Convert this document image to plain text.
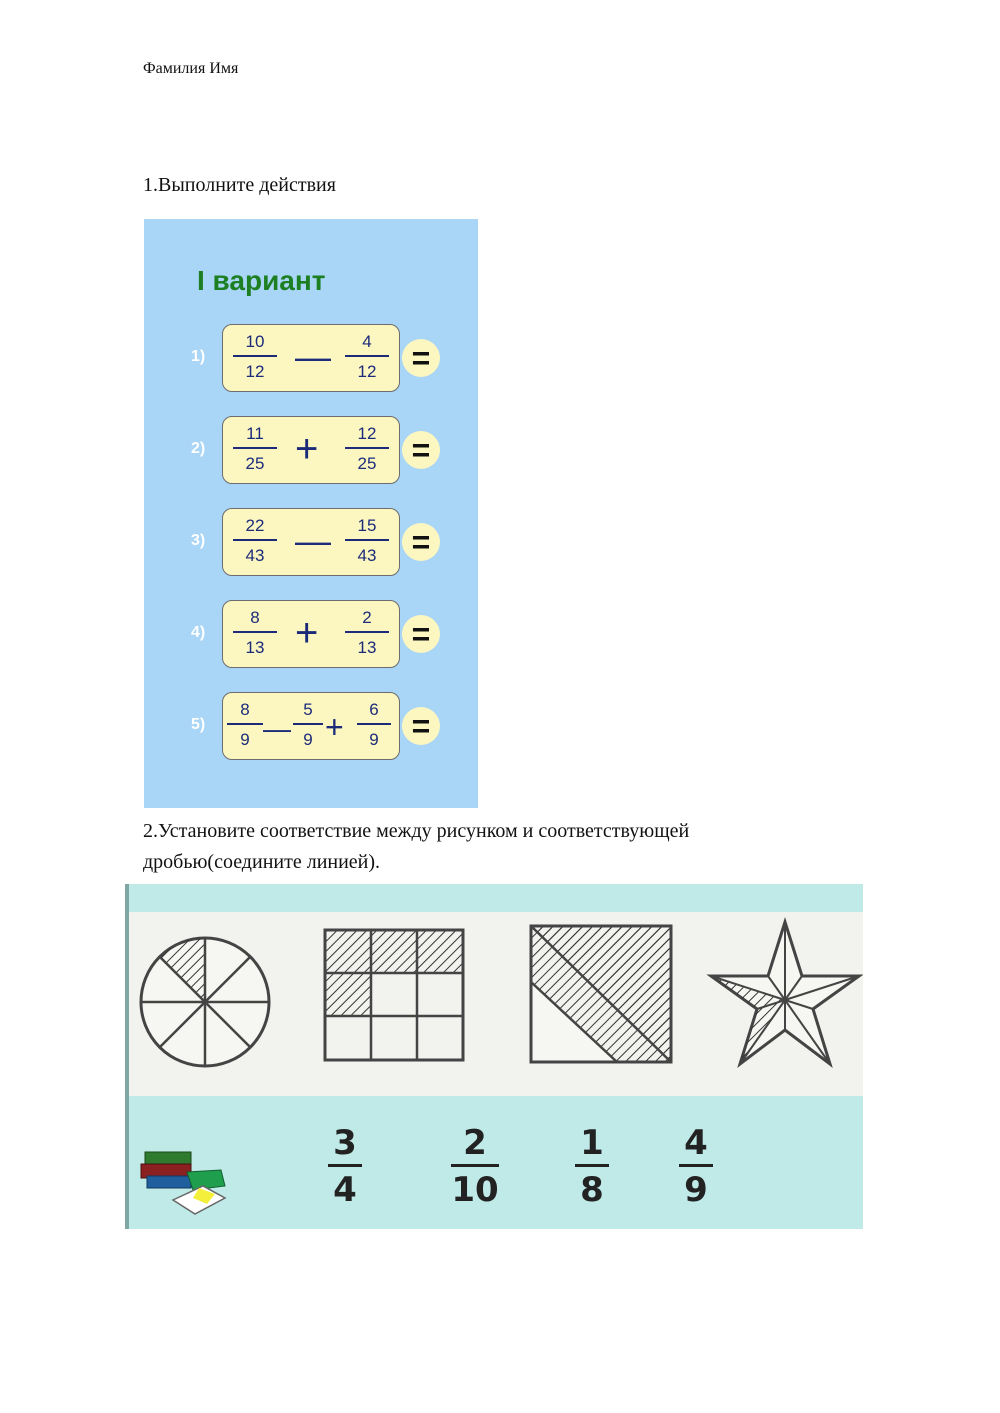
Фамилия Имя
1.Выполните действия
I вариант
1)
10
12 —	4
12	=
2)
11
25 +	12
25	=
3)
22
43 —	15
43	=
4)
8
13 +	2
13	=
5)
8
9 —
5
9 +	6
9	=
2.Установите соответствие между рисунком и соответствующей дробью(соедините линией).
3
4
2
10
1
8
4
9
